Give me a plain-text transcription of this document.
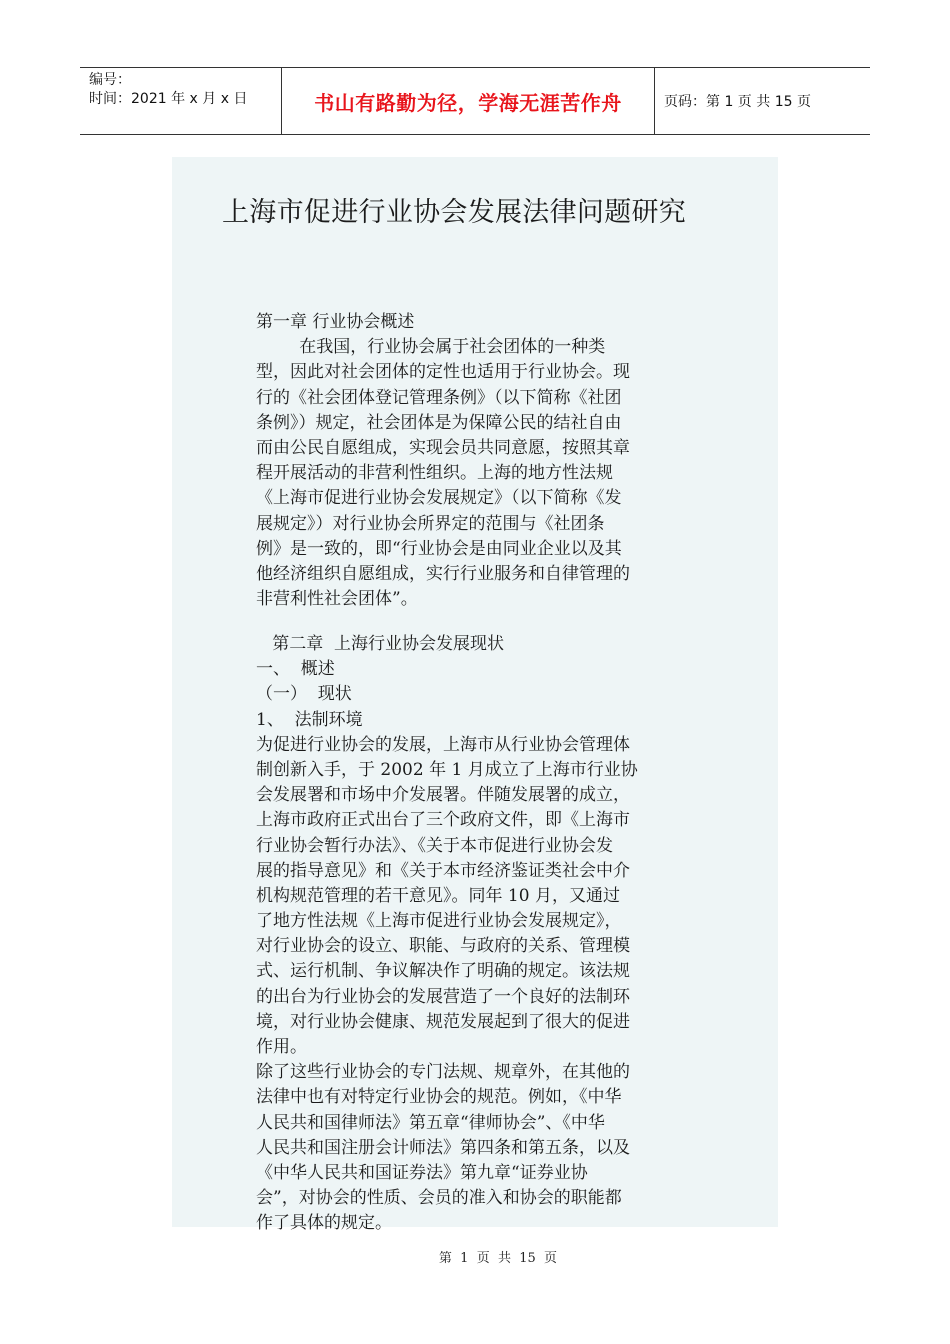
编号：
时间：2021 年 x 月 x 日	书山有路勤为径，学海无涯苦作舟	页码：第 1 页 共 15 页
上海市促进行业协会发展法律问题研究
第一章 行业协会概述
在我国，行业协会属于社会团体的一种类
型，因此对社会团体的定性也适用于行业协会。现
行的《社会团体登记管理条例》（以下简称《社团
条例》）规定，社会团体是为保障公民的结社自由
而由公民自愿组成，实现会员共同意愿，按照其章
程开展活动的非营利性组织。上海的地方性法规
《上海市促进行业协会发展规定》（以下简称《发
展规定》）对行业协会所界定的范围与《社团条
例》是一致的，即“行业协会是由同业企业以及其
他经济组织自愿组成，实行行业服务和自律管理的
非营利性社会团体”。
第二章  上海行业协会发展现状
一、  概述
（一）  现状
1、  法制环境
为促进行业协会的发展，上海市从行业协会管理体
制创新入手，于 2002 年 1 月成立了上海市行业协
会发展署和市场中介发展署。伴随发展署的成立，
上海市政府正式出台了三个政府文件，即《上海市
行业协会暂行办法》、《关于本市促进行业协会发
展的指导意见》和《关于本市经济鉴证类社会中介
机构规范管理的若干意见》。同年 10 月，又通过
了地方性法规《上海市促进行业协会发展规定》，
对行业协会的设立、职能、与政府的关系、管理模
式、运行机制、争议解决作了明确的规定。该法规
的出台为行业协会的发展营造了一个良好的法制环
境，对行业协会健康、规范发展起到了很大的促进
作用。
除了这些行业协会的专门法规、规章外，在其他的
法律中也有对特定行业协会的规范。例如，《中华
人民共和国律师法》第五章“律师协会”、《中华
人民共和国注册会计师法》第四条和第五条，以及
《中华人民共和国证券法》第九章“证券业协
会”，对协会的性质、会员的准入和协会的职能都
作了具体的规定。
第  1  页  共  15  页
